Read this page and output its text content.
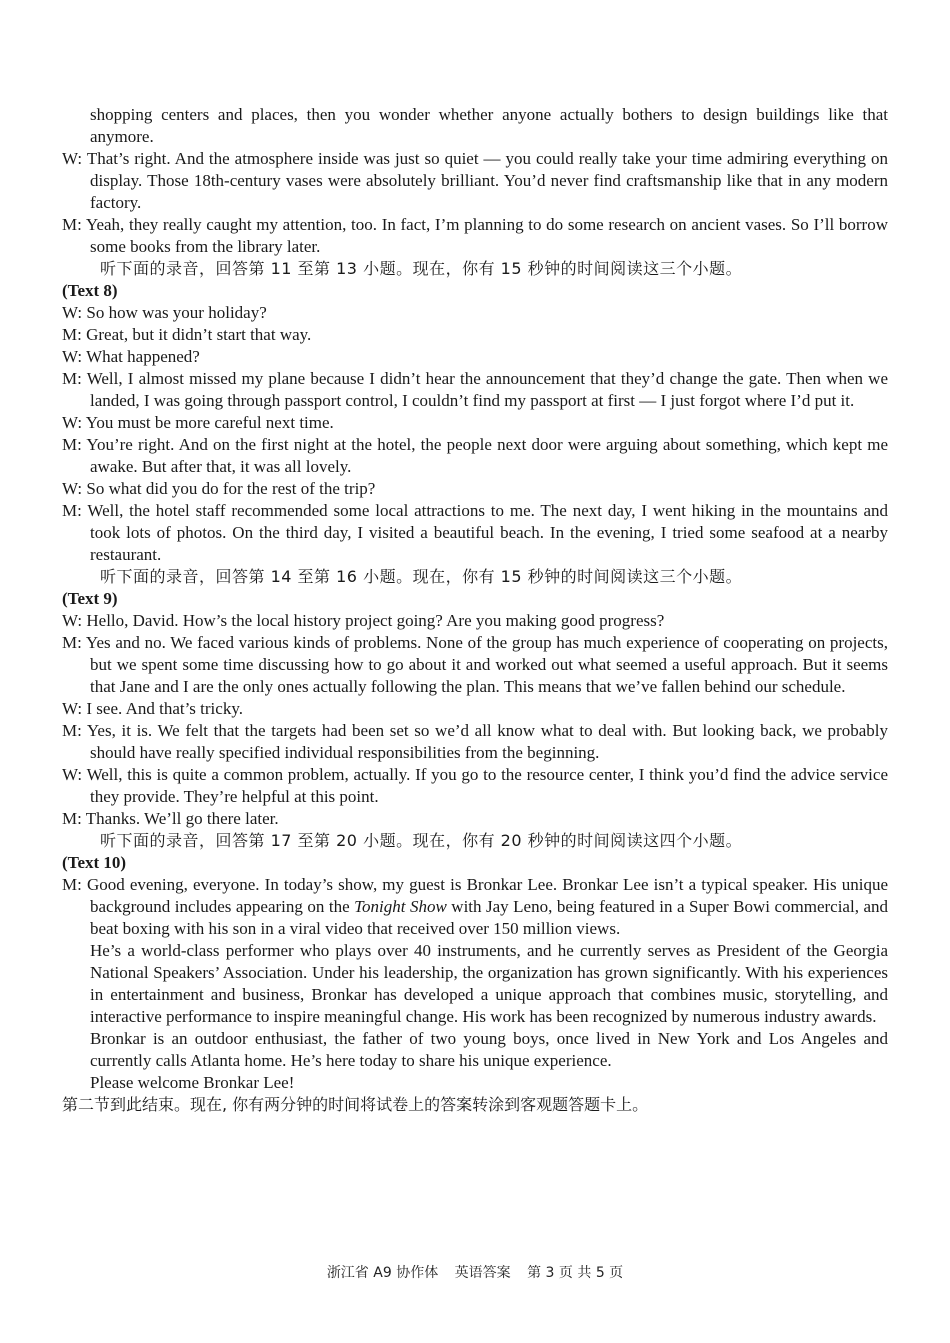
shopping centers and places, then you wonder whether anyone actually bothers to design buildings like that anymore.
W: That’s right. And the atmosphere inside was just so quiet — you could really take your time admiring everything on display. Those 18th-century vases were absolutely brilliant. You’d never find craftsmanship like that in any modern factory.
M: Yeah, they really caught my attention, too. In fact, I’m planning to do some research on ancient vases. So I’ll borrow some books from the library later.
听下面的录音，回答第 11 至第 13 小题。现在，你有 15 秒钟的时间阅读这三个小题。
(Text 8)
W: So how was your holiday?
M: Great, but it didn’t start that way.
W: What happened?
M: Well, I almost missed my plane because I didn’t hear the announcement that they’d change the gate. Then when we landed, I was going through passport control, I couldn’t find my passport at first — I just forgot where I’d put it.
W: You must be more careful next time.
M: You’re right. And on the first night at the hotel, the people next door were arguing about something, which kept me awake. But after that, it was all lovely.
W: So what did you do for the rest of the trip?
M: Well, the hotel staff recommended some local attractions to me. The next day, I went hiking in the mountains and took lots of photos. On the third day, I visited a beautiful beach. In the evening, I tried some seafood at a nearby restaurant.
听下面的录音，回答第 14 至第 16 小题。现在，你有 15 秒钟的时间阅读这三个小题。
(Text 9)
W: Hello, David. How’s the local history project going? Are you making good progress?
M: Yes and no. We faced various kinds of problems. None of the group has much experience of cooperating on projects, but we spent some time discussing how to go about it and worked out what seemed a useful approach. But it seems that Jane and I are the only ones actually following the plan. This means that we’ve fallen behind our schedule.
W: I see. And that’s tricky.
M: Yes, it is. We felt that the targets had been set so we’d all know what to deal with. But looking back, we probably should have really specified individual responsibilities from the beginning.
W: Well, this is quite a common problem, actually. If you go to the resource center, I think you’d find the advice service they provide. They’re helpful at this point.
M: Thanks. We’ll go there later.
听下面的录音，回答第 17 至第 20 小题。现在，你有 20 秒钟的时间阅读这四个小题。
(Text 10)
M: Good evening, everyone. In today’s show, my guest is Bronkar Lee. Bronkar Lee isn’t a typical speaker. His unique background includes appearing on the Tonight Show with Jay Leno, being featured in a Super Bowi commercial, and beat boxing with his son in a viral video that received over 150 million views.
He’s a world-class performer who plays over 40 instruments, and he currently serves as President of the Georgia National Speakers’ Association. Under his leadership, the organization has grown significantly. With his experiences in entertainment and business, Bronkar has developed a unique approach that combines music, storytelling, and interactive performance to inspire meaningful change. His work has been recognized by numerous industry awards.
Bronkar is an outdoor enthusiast, the father of two young boys, once lived in New York and Los Angeles and currently calls Atlanta home. He’s here today to share his unique experience.
Please welcome Bronkar Lee!
第二节到此结束。现在, 你有两分钟的时间将试卷上的答案转涂到客观题答题卡上。
浙江省 A9 协作体 英语答案 第 3 页 共 5 页
